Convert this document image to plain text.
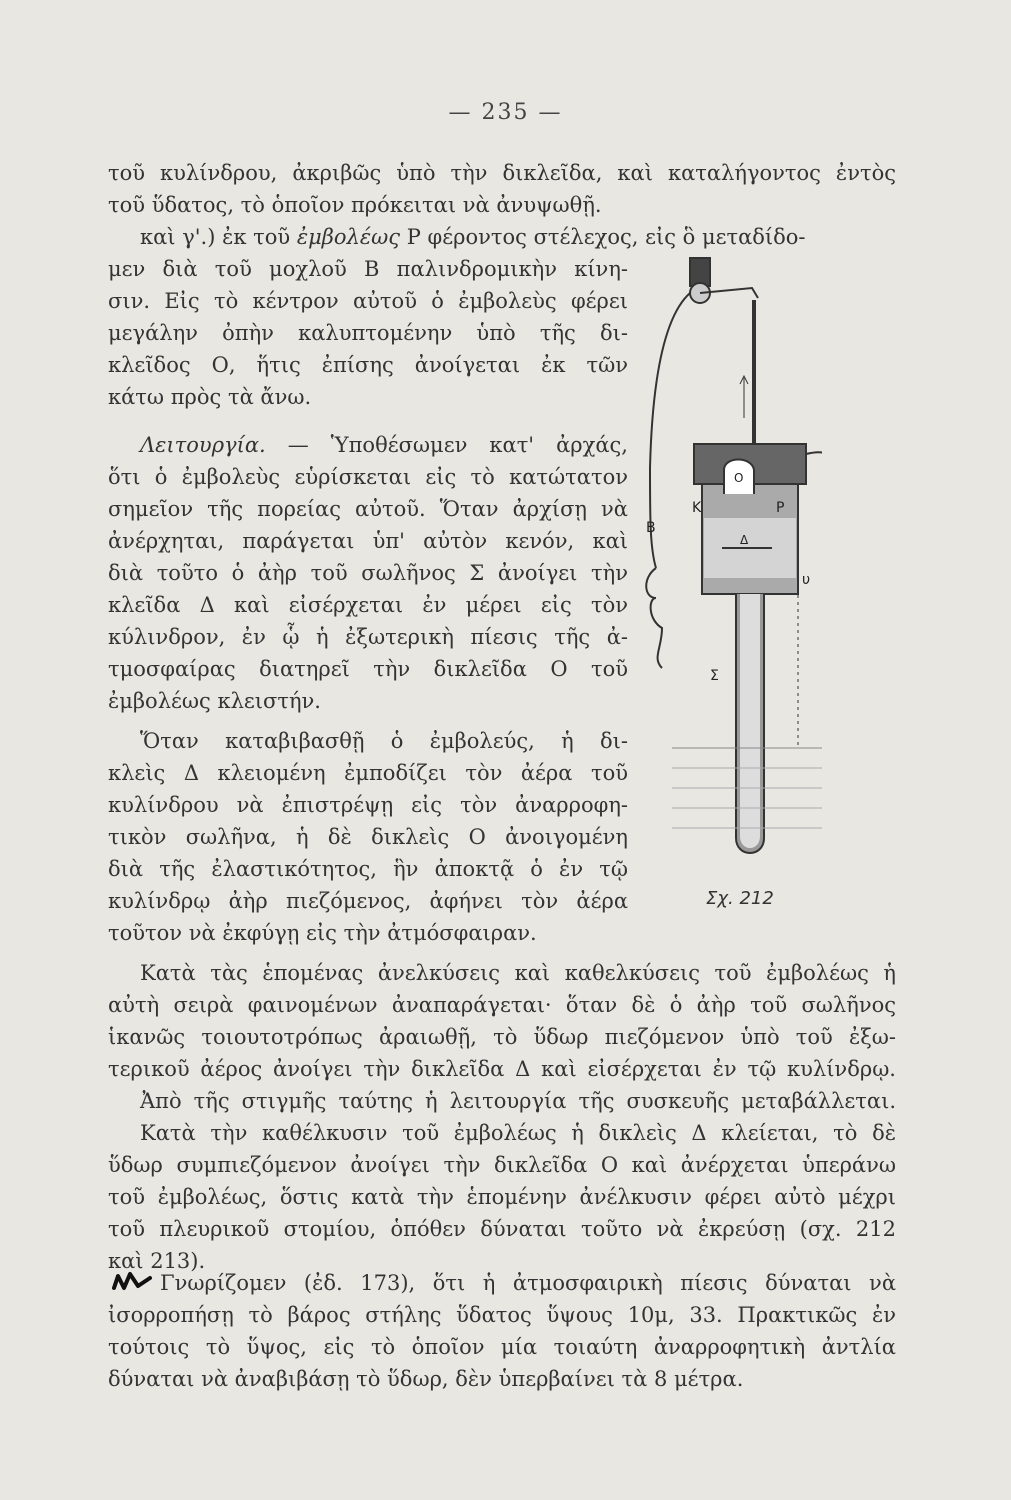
— 235 —
τοῦ κυλίνδρου, ἀκριβῶς ὑπὸ τὴν δικλεῖδα, καὶ καταλήγοντος ἐντὸς
τοῦ ὕδατος, τὸ ὁποῖον πρόκειται νὰ ἀνυψωθῇ.
καὶ γ'.) ἐκ τοῦ ἐμβολέως Ρ φέροντος στέλεχος, εἰς ὃ μεταδίδο-
μεν διὰ τοῦ μοχλοῦ Β παλινδρομικὴν κίνη-
σιν. Εἰς τὸ κέντρον αὐτοῦ ὁ ἐμβολεὺς φέρει
μεγάλην ὀπὴν καλυπτομένην ὑπὸ τῆς δι-
κλεῖδος Ο, ἥτις ἐπίσης ἀνοίγεται ἐκ τῶν
κάτω πρὸς τὰ ἄνω.
Λειτουργία. — Ὑποθέσωμεν κατ' ἀρχάς,
ὅτι ὁ ἐμβολεὺς εὑρίσκεται εἰς τὸ κατώτατον
σημεῖον τῆς πορείας αὐτοῦ. Ὅταν ἀρχίσῃ νὰ
ἀνέρχηται, παράγεται ὑπ' αὐτὸν κενόν, καὶ
διὰ τοῦτο ὁ ἀὴρ τοῦ σωλῆνος Σ ἀνοίγει τὴν
κλεῖδα Δ καὶ εἰσέρχεται ἐν μέρει εἰς τὸν
κύλινδρον, ἐν ᾧ ἡ ἐξωτερικὴ πίεσις τῆς ἀ-
τμοσφαίρας διατηρεῖ τὴν δικλεῖδα Ο τοῦ
ἐμβολέως κλειστήν.
Ὅταν καταβιβασθῇ ὁ ἐμβολεύς, ἡ δι-
κλεὶς Δ κλειομένη ἐμποδίζει τὸν ἀέρα τοῦ
κυλίνδρου νὰ ἐπιστρέψῃ εἰς τὸν ἀναρροφη-
τικὸν σωλῆνα, ἡ δὲ δικλεὶς Ο ἀνοιγομένη
διὰ τῆς ἐλαστικότητος, ἣν ἀποκτᾷ ὁ ἐν τῷ
κυλίνδρῳ ἀὴρ πιεζόμενος, ἀφήνει τὸν ἀέρα
τοῦτον νὰ ἐκφύγῃ εἰς τὴν ἀτμόσφαιραν.
Κατὰ τὰς ἑπομένας ἀνελκύσεις καὶ καθελκύσεις τοῦ ἐμβολέως ἡ
αὐτὴ σειρὰ φαινομένων ἀναπαράγεται· ὅταν δὲ ὁ ἀὴρ τοῦ σωλῆνος
ἱκανῶς τοιουτοτρόπως ἀραιωθῇ, τὸ ὕδωρ πιεζόμενον ὑπὸ τοῦ ἐξω-
τερικοῦ ἀέρος ἀνοίγει τὴν δικλεῖδα Δ καὶ εἰσέρχεται ἐν τῷ κυλίνδρῳ.
Ἀπὸ τῆς στιγμῆς ταύτης ἡ λειτουργία τῆς συσκευῆς μεταβάλλεται.
Κατὰ τὴν καθέλκυσιν τοῦ ἐμβολέως ἡ δικλεὶς Δ κλείεται, τὸ δὲ
ὕδωρ συμπιεζόμενον ἀνοίγει τὴν δικλεῖδα Ο καὶ ἀνέρχεται ὑπεράνω
τοῦ ἐμβολέως, ὅστις κατὰ τὴν ἑπομένην ἀνέλκυσιν φέρει αὐτὸ μέχρι
τοῦ πλευρικοῦ στομίου, ὁπόθεν δύναται τοῦτο νὰ ἐκρεύσῃ (σχ. 212
καὶ 213).
Γνωρίζομεν (ἐδ. 173), ὅτι ἡ ἀτμοσφαιρικὴ πίεσις δύναται νὰ
ἰσορροπήσῃ τὸ βάρος στήλης ὕδατος ὕψους 10μ, 33. Πρακτικῶς ἐν
τούτοις τὸ ὕψος, εἰς τὸ ὁποῖον μία τοιαύτη ἀναρροφητικὴ ἀντλία
δύναται νὰ ἀναβιβάσῃ τὸ ὕδωρ, δὲν ὑπερβαίνει τὰ 8 μέτρα.
K	P
B
O
Δ
Σ
υ
Σχ. 212
